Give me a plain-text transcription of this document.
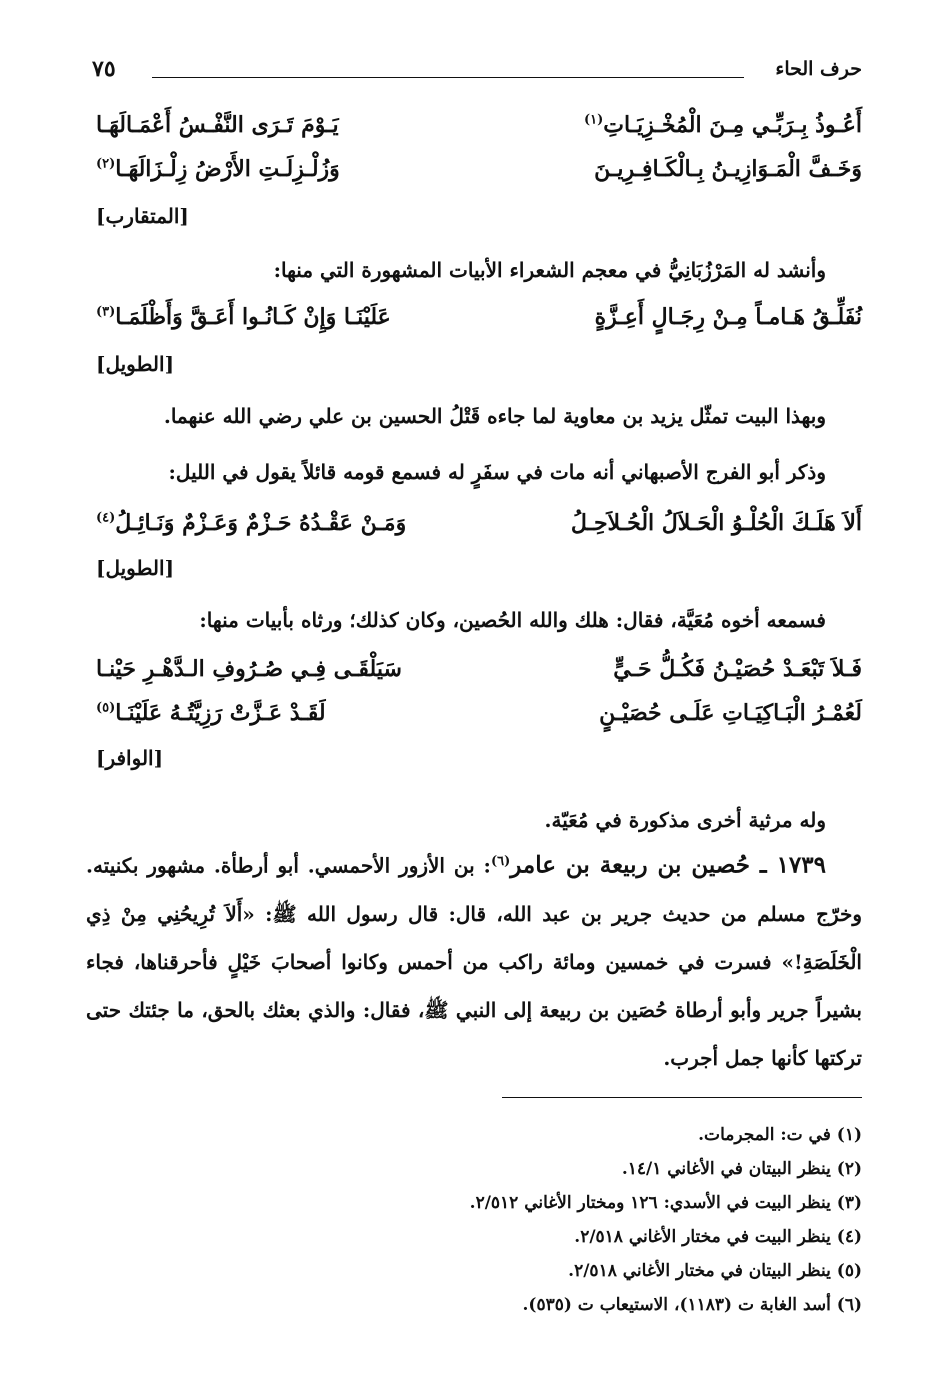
حرف الحاء
٧٥
أَعُـوذُ بِـرَبِّـي مِـنَ الْمُخْـزِيَـاتِ$^{(١)}$
يَـوْمَ تَـرَى النَّفْـسُ أَعْمَـالَهَـا
وَخَـفَّ الْمَـوَازِيـنُ بِـالْكَـافِـرِيـنَ
وَزُلْـزِلَـتِ الأَرْضُ زِلْـزَالَهَـا$^{(٢)}$
[المتقارب]
وأنشد له المَرْزُبَانِيُّ في معجم الشعراء الأبيات المشهورة التي منها:
نُفَلِّـقُ هَـامـاً مِـنْ رِجَـالٍ أَعِـزَّةٍ
عَلَيْنَـا وَإِنْ كَـانُـوا أَعَـقَّ وَأَظْلَمَـا$^{(٣)}$
[الطويل]
وبهذا البيت تمثّل يزيد بن معاوية لما جاءه قَتْلُ الحسين بن علي رضي الله عنهما.
وذكر أبو الفرج الأصبهاني أنه مات في سفَرٍ له فسمع قومه قائلاً يقول في الليل:
أَلاَ هَلَـكَ الْحُلْـوُ الْحَـلاَلُ الْحُـلاَحِـلُ
وَمَـنْ عَقْـدُهُ حَـزْمٌ وَعَـزْمٌ وَنَـائِـلُ$^{(٤)}$
[الطويل]
فسمعه أخوه مُعَيَّة، فقال: هلك والله الحُصين، وكان كذلك؛ ورثاه بأبيات منها:
فَـلاَ تَبْعَـدْ حُصَيْـنُ فَكُـلُّ حَـيٍّ
سَيَلْقَـى فِـي صُـرُوفِ الـدَّهْـرِ حَيْنـا
لَعُمْـرُ الْبَـاكِيَـاتِ عَلَـى حُصَيْـنٍ
لَقَـدْ عَـزَّتْ رَزِيَّتُـهُ عَلَيْنَـا$^{(٥)}$
[الوافر]
وله مرثية أخرى مذكورة في مُعَيّة.
١٧٣٩ ـ حُصين بن ربيعة بن عامر$^{(٦)}$: بن الأزور الأحمسي. أبو أرطأة. مشهور بكنيته. وخرّج مسلم من حديث جرير بن عبد الله، قال: قال رسول الله ﷺ: «أَلاَ تُرِيحُنِي مِنْ ذِي الْخَلَصَةِ!» فسرت في خمسين ومائة راكب من أحمس وكانوا أصحابَ خَيْلٍ فأحرقناها، فجاء بشيراً جرير وأبو أرطاة حُصَين بن ربيعة إلى النبي ﷺ، فقال: والذي بعثك بالحق، ما جئتك حتى تركتها كأنها جمل أجرب.
(١) في ت: المجرمات.
(٢) ينظر البيتان في الأغاني ١٤/١.
(٣) ينظر البيت في الأسدي: ١٢٦ ومختار الأغاني ٢/٥١٢.
(٤) ينظر البيت في مختار الأغاني ٢/٥١٨.
(٥) ينظر البيتان في مختار الأغاني ٢/٥١٨.
(٦) أسد الغابة ت (١١٨٣)، الاستيعاب ت (٥٣٥).
